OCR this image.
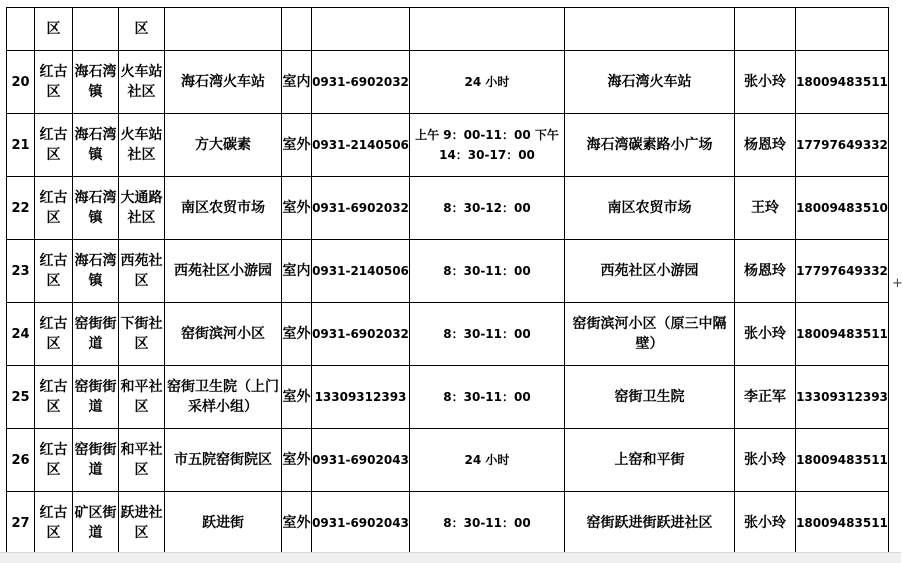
	区		区							
20	红古区	海石湾镇	火车站社区	海石湾火车站	室内	0931-6902032	24 小时	海石湾火车站	张小玲	18009483511
21	红古区	海石湾镇	火车站社区	方大碳素	室外	0931-2140506	上午 9：00-11：00 下午 14：30-17：00	海石湾碳素路小广场	杨恩玲	17797649332
22	红古区	海石湾镇	大通路社区	南区农贸市场	室外	0931-6902032	8：30-12：00	南区农贸市场	王玲	18009483510
23	红古区	海石湾镇	西苑社区	西苑社区小游园	室内	0931-2140506	8：30-11：00	西苑社区小游园	杨恩玲	17797649332
24	红古区	窑街街道	下街社区	窑街滨河小区	室外	0931-6902032	8：30-11：00	窑街滨河小区（原三中隔壁）	张小玲	18009483511
25	红古区	窑街街道	和平社区	窑街卫生院（上门采样小组）	室外	13309312393	8：30-11：00	窑街卫生院	李正军	13309312393
26	红古区	窑街街道	和平社区	市五院窑街院区	室外	0931-6902043	24 小时	上窑和平街	张小玲	18009483511
27	红古区	矿区街道	跃进社区	跃进街	室外	0931-6902043	8：30-11：00	窑街跃进街跃进社区	张小玲	18009483511
+
